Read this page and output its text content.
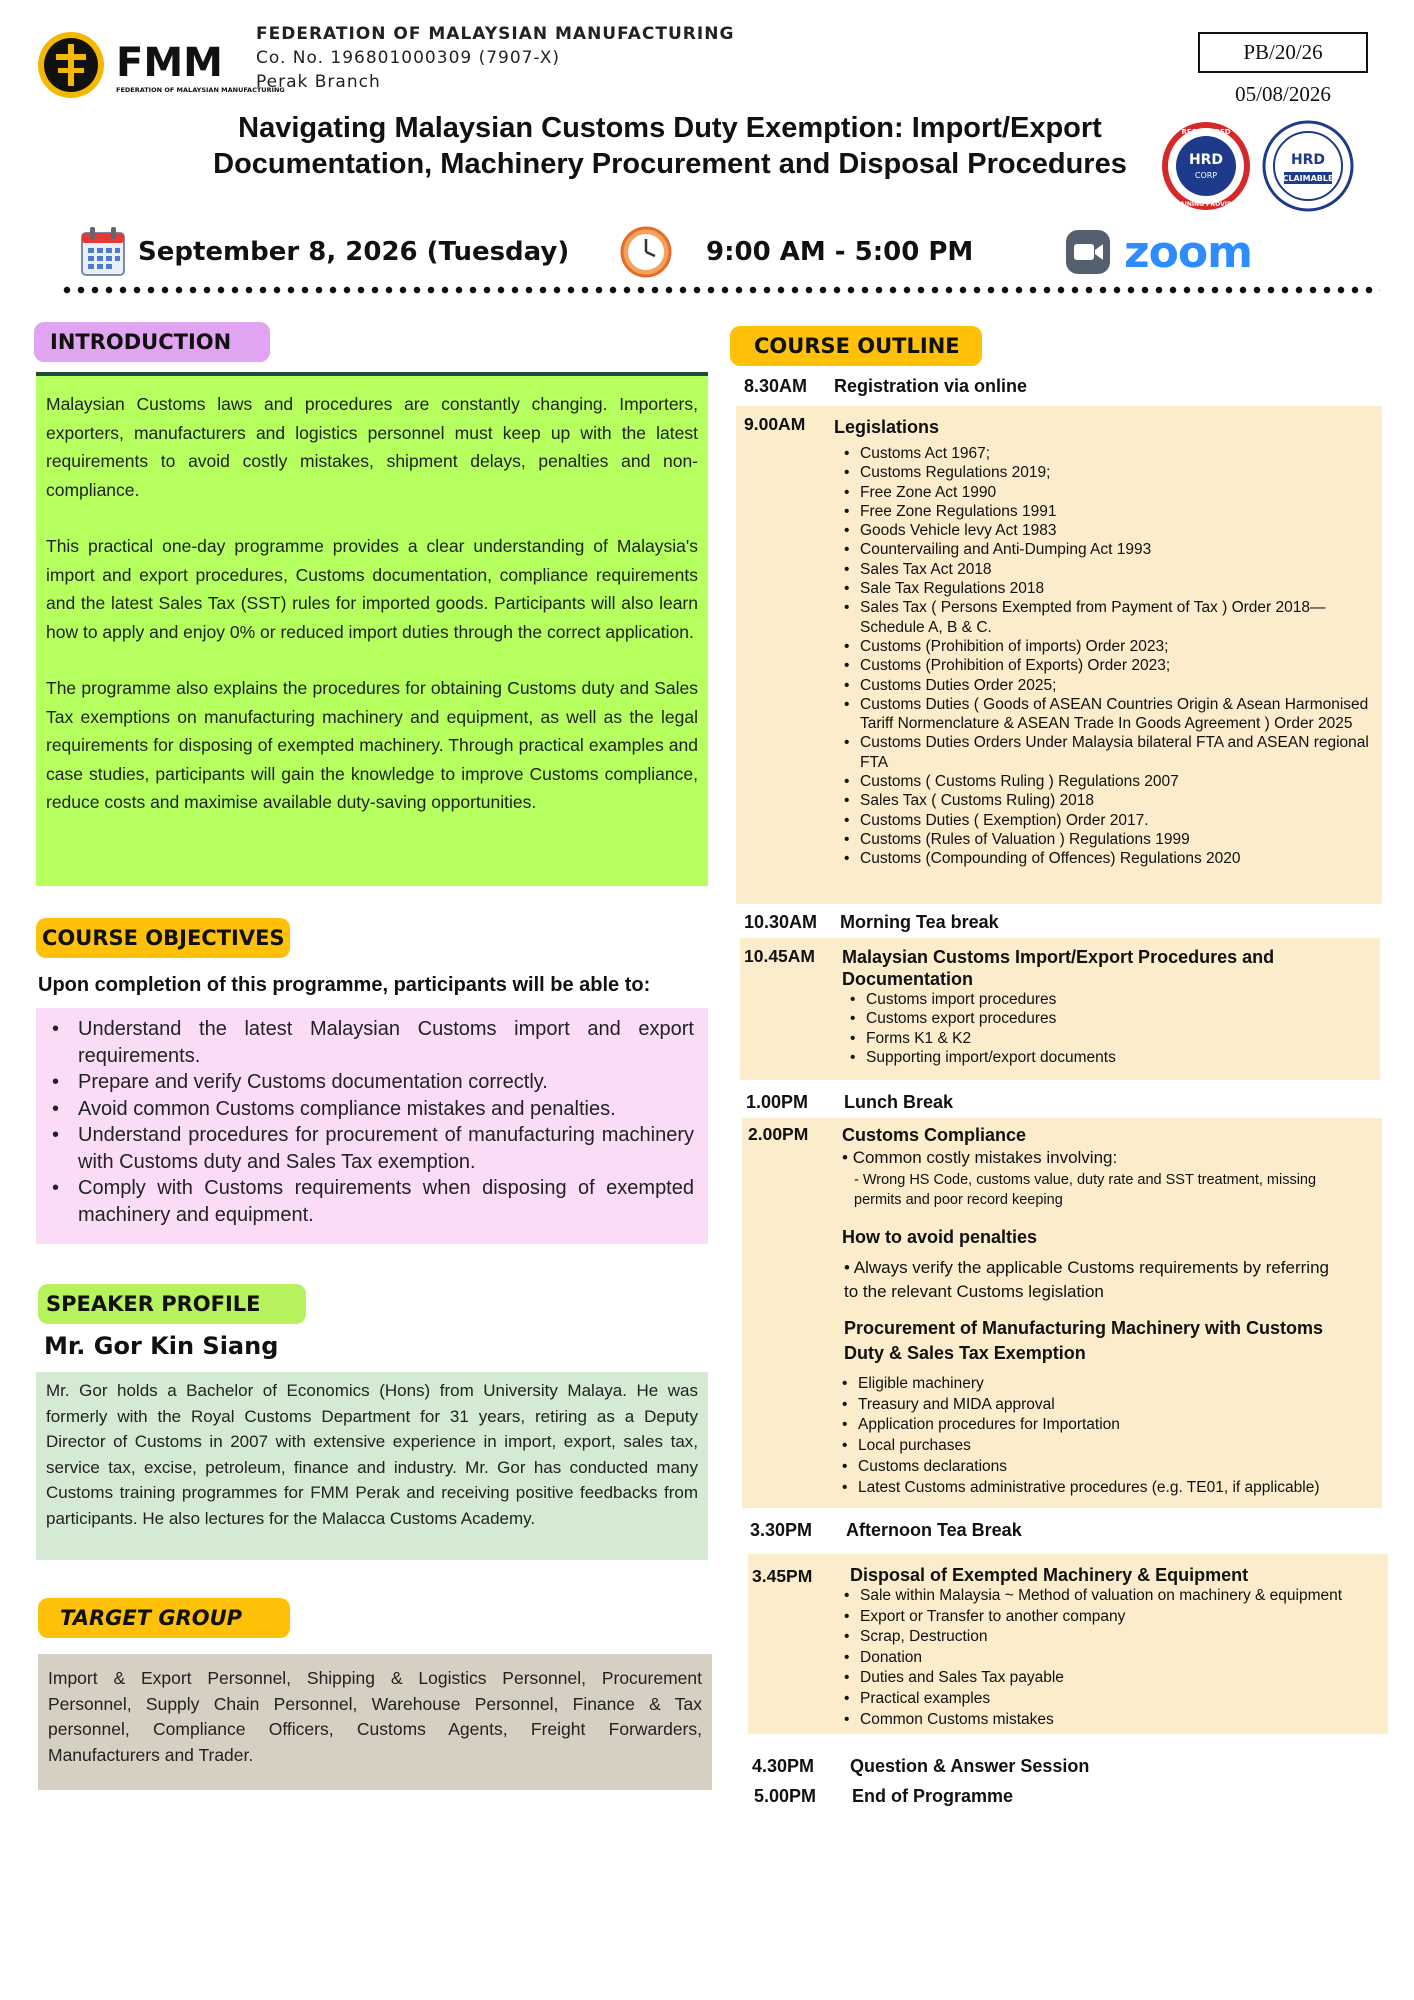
FMM
FEDERATION OF MALAYSIAN MANUFACTURING
FEDERATION OF MALAYSIAN MANUFACTURING
Co. No. 196801000309 (7907-X)
Perak Branch
PB/20/26
05/08/2026
Navigating Malaysian Customs Duty Exemption: Import/Export Documentation, Machinery Procurement and Disposal Procedures	HRD
CORP
REGISTERED
TRAINING PROVIDER
HRD
CLAIMABLE
September 8, 2026 (Tuesday)	9:00 AM - 5:00 PM	zoom
INTRODUCTION

Malaysian Customs laws and procedures are constantly changing. Importers, exporters, manufacturers and logistics personnel must keep up with the latest requirements to avoid costly mistakes, shipment delays, penalties and non-compliance.

This practical one-day programme provides a clear understanding of Malaysia's import and export procedures, Customs documentation, compliance requirements and the latest Sales Tax (SST) rules for imported goods. Participants will also learn how to apply and enjoy 0% or reduced import duties through the correct application.

The programme also explains the procedures for obtaining Customs duty and Sales Tax exemptions on manufacturing machinery and equipment, as well as the legal requirements for disposing of exempted machinery. Through practical examples and case studies, participants will gain the knowledge to improve Customs compliance, reduce costs and maximise available duty-saving opportunities.

COURSE OBJECTIVES
Upon completion of this programme, participants will be able to:
• Understand the latest Malaysian Customs import and export requirements.
• Prepare and verify Customs documentation correctly.
• Avoid common Customs compliance mistakes and penalties.
• Understand procedures for procurement of manufacturing machinery with Customs duty and Sales Tax exemption.
• Comply with Customs requirements when disposing of exempted machinery and equipment.
SPEAKER PROFILE
Mr. Gor Kin Siang
Mr. Gor holds a Bachelor of Economics (Hons) from University Malaya. He was formerly with the Royal Customs Department for 31 years, retiring as a Deputy Director of Customs in 2007 with extensive experience in import, export, sales tax, service tax, excise, petroleum, finance and industry. Mr. Gor has conducted many Customs training programmes for FMM Perak and receiving positive feedbacks from participants. He also lectures for the Malacca Customs Academy.
TARGET GROUP
Import & Export Personnel, Shipping & Logistics Personnel, Procurement Personnel, Supply Chain Personnel, Warehouse Personnel, Finance & Tax personnel, Compliance Officers, Customs Agents, Freight Forwarders, Manufacturers and Trader.
COURSE OUTLINE
8.30AM	Registration via online
9.00AM Legislations
• Customs Act 1967;
• Customs Regulations 2019;
• Free Zone Act 1990
• Free Zone Regulations 1991
• Goods Vehicle levy Act 1983
• Countervailing and Anti-Dumping Act 1993
• Sales Tax Act 2018
• Sale Tax Regulations 2018
• Sales Tax ( Persons Exempted from Payment of Tax ) Order 2018—Schedule A, B & C.
• Customs (Prohibition of imports) Order 2023;
• Customs (Prohibition of Exports) Order 2023;
• Customs Duties Order 2025;
• Customs Duties ( Goods of ASEAN Countries Origin & Asean Harmonised Tariff Normenclature & ASEAN Trade In Goods Agreement ) Order 2025
• Customs Duties Orders Under Malaysia bilateral FTA and ASEAN regional FTA
• Customs ( Customs Ruling ) Regulations 2007
• Sales Tax ( Customs Ruling) 2018
• Customs Duties ( Exemption) Order 2017.
• Customs (Rules of Valuation ) Regulations 1999
• Customs (Compounding of Offences) Regulations 2020
10.30AM	Morning Tea break
10.45AM Malaysian Customs Import/Export Procedures and Documentation
• Customs import procedures
• Customs export procedures
• Forms K1 & K2
• Supporting import/export documents
1.00PM	Lunch Break
2.00PM Customs Compliance
• Common costly mistakes involving:
- Wrong HS Code, customs value, duty rate and SST treatment, missing permits and poor record keeping
How to avoid penalties
• Always verify the applicable Customs requirements by referring to the relevant Customs legislation
Procurement of Manufacturing Machinery with Customs Duty & Sales Tax Exemption
• Eligible machinery
• Treasury and MIDA approval
• Application procedures for Importation
• Local purchases
• Customs declarations
• Latest Customs administrative procedures (e.g. TE01, if applicable)
3.30PM	Afternoon Tea Break
3.45PM Disposal of Exempted Machinery & Equipment
• Sale within Malaysia ~ Method of valuation on machinery & equipment
• Export or Transfer to another company
• Scrap, Destruction
• Donation
• Duties and Sales Tax payable
• Practical examples
• Common Customs mistakes
4.30PM	Question & Answer Session
5.00PM	End of Programme
